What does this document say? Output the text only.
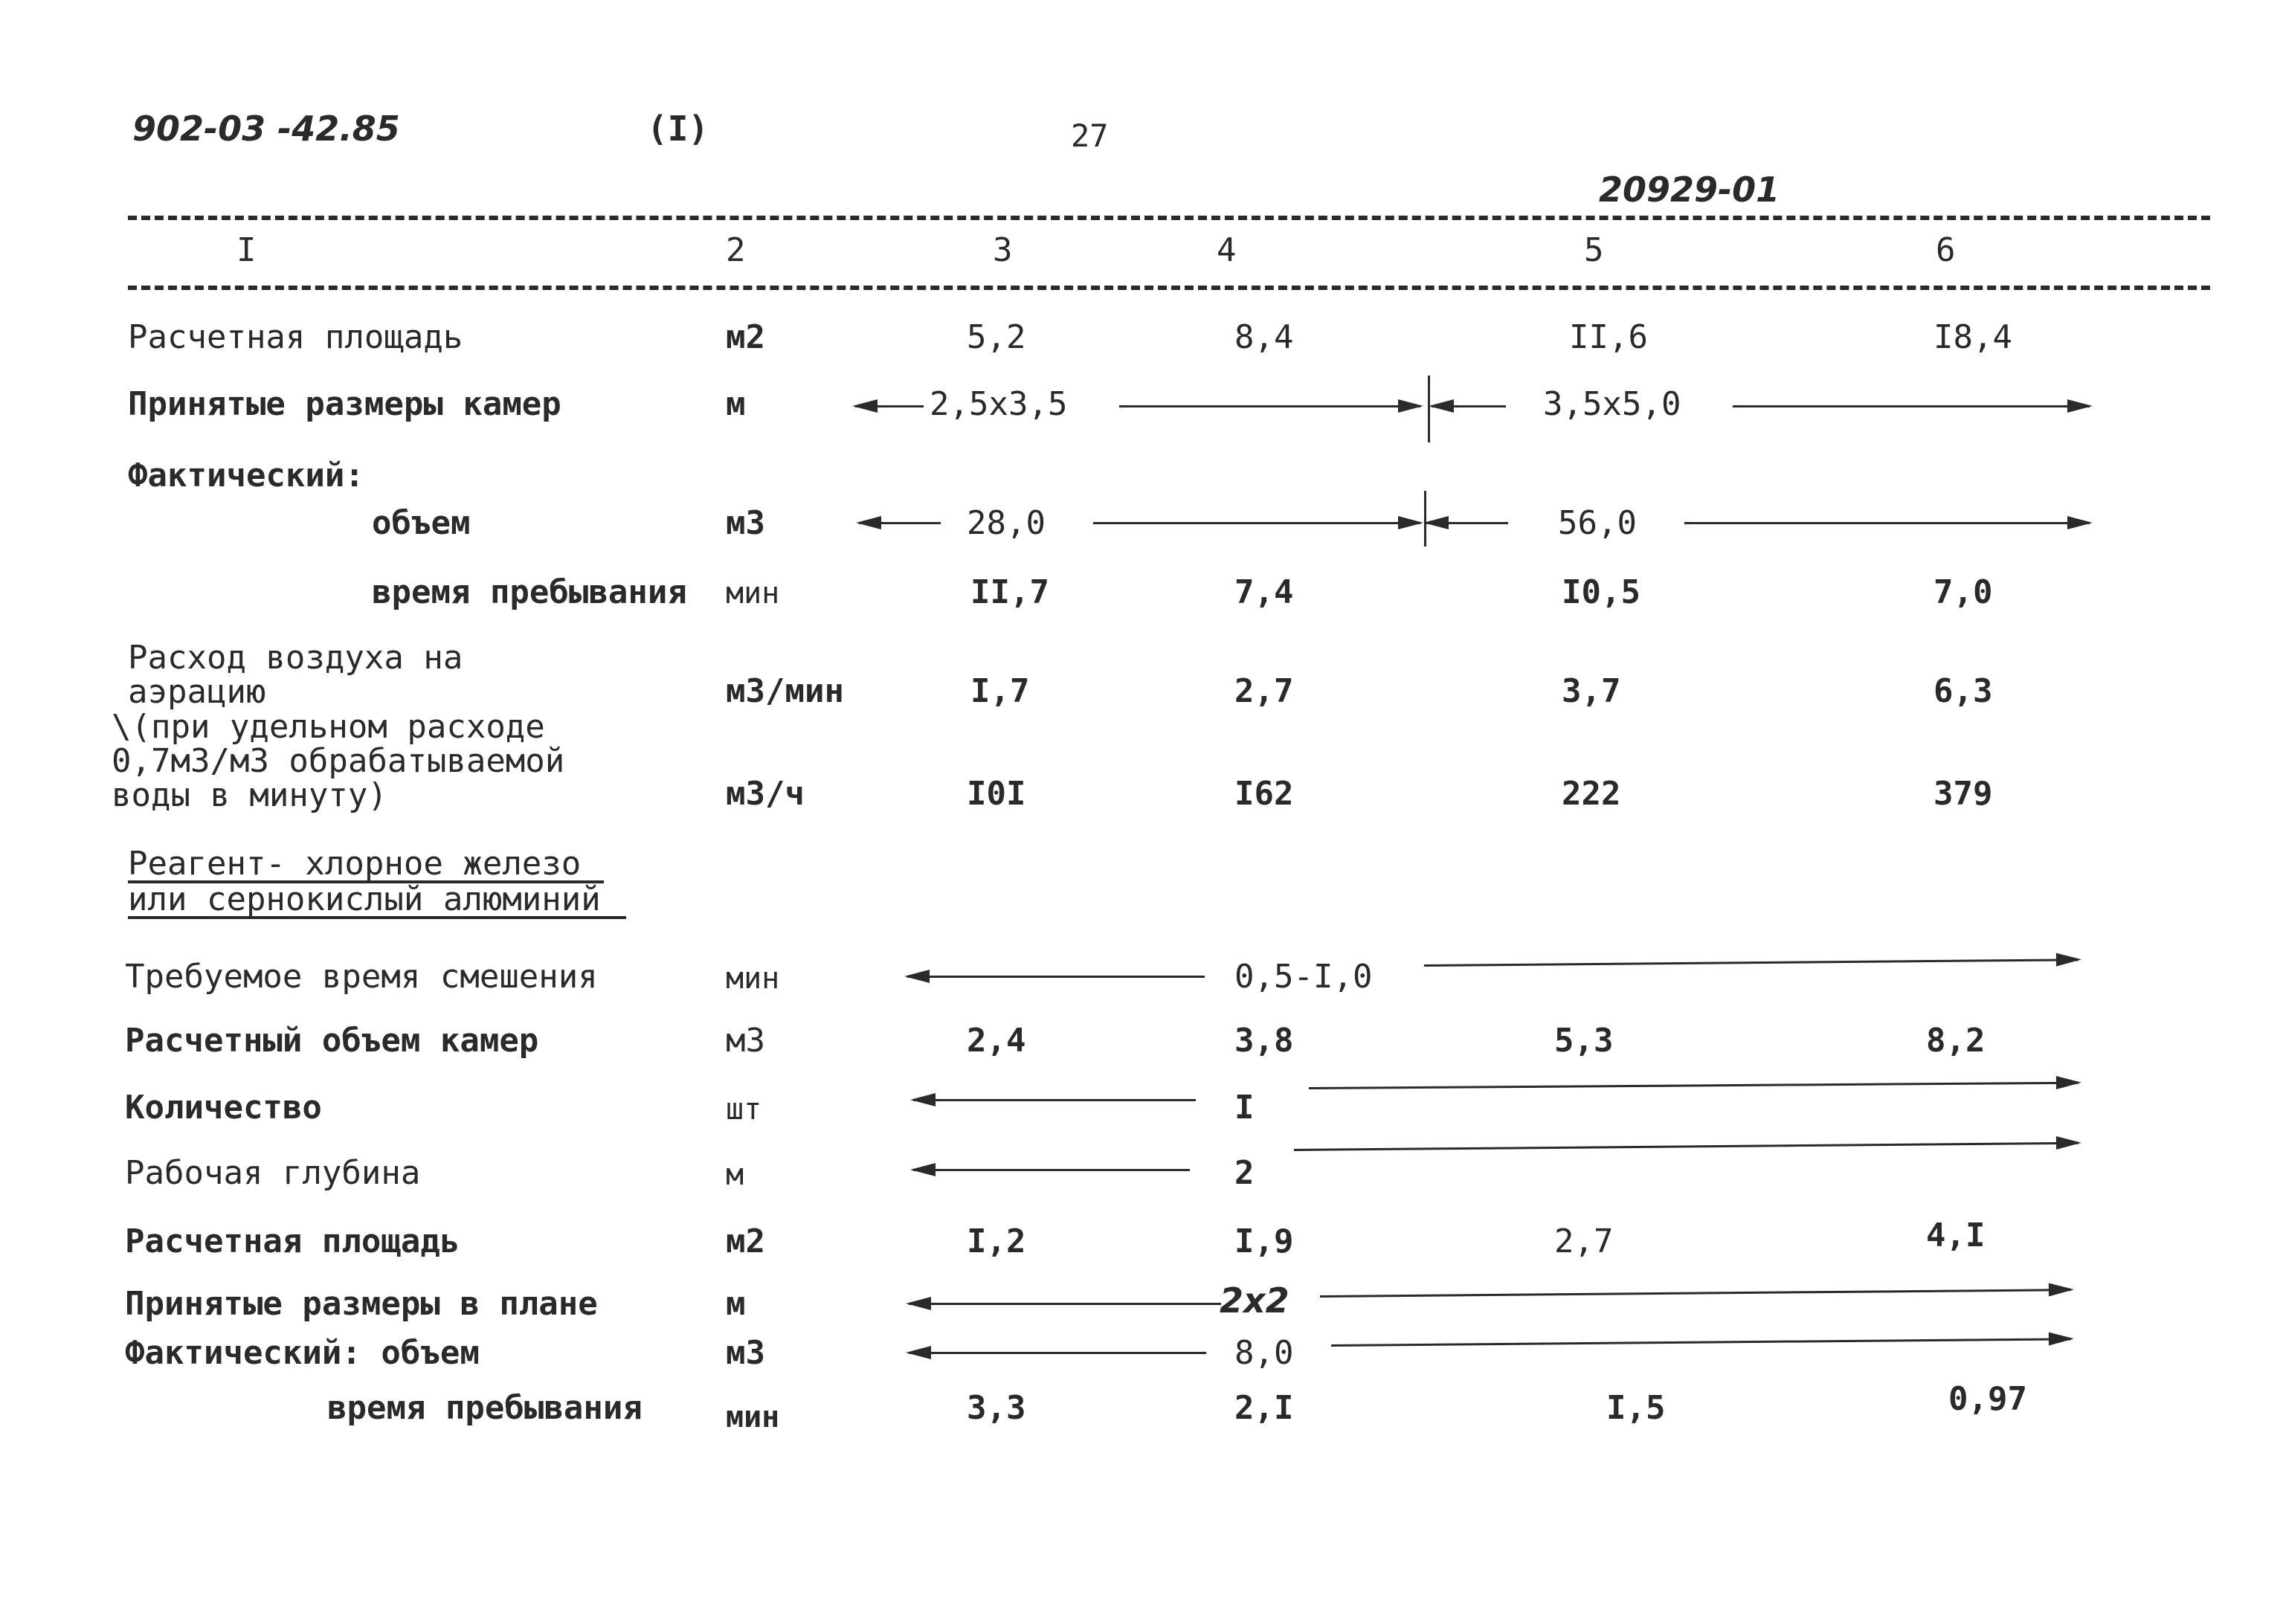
902-03 -42.85	(I)	27
20929-01
I	2	3	4	5	6
Расчетная площадь	м2	5,2	8,4	II,6	I8,4
Принятые размеры камер	м	2,5х3,5	3,5х5,0
Фактический:
объем	м3	28,0	56,0
время пребывания мин	II,7	7,4	I0,5	7,0
Расход воздуха на
аэрацию	м3/мин	I,7	2,7	3,7	6,3
\(при удельном расходе
0,7м3/м3 обрабатываемой
воды в минуту)	м3/ч	I0I	I62	222	379
Реагент- хлорное железо
или сернокислый алюминий
Требуемое время смешения	мин	0,5-I,0
Расчетный объем камер	м3	2,4	3,8	5,3	8,2
Количество	шт	I
Рабочая глубина	м	2
Расчетная площадь	м2	I,2	I,9	2,7	4,I
Принятые размеры в плане	м	2х2
Фактический: объем	м3	8,0
время пребывания	мин	3,3	2,I	I,5	0,97
